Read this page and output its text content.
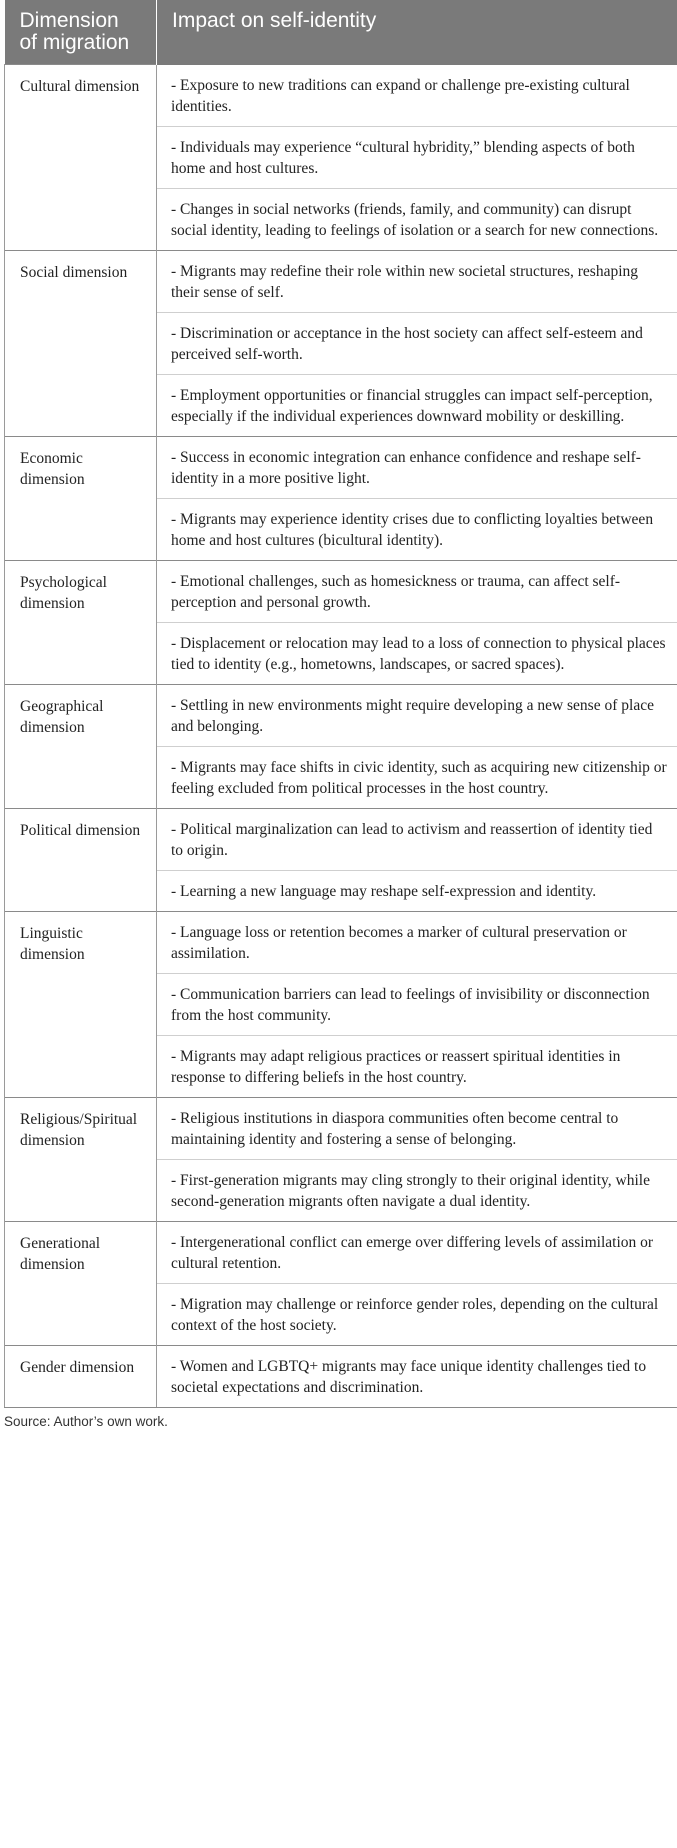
Dimension of migration	Impact on self-identity
Cultural dimension	- Exposure to new traditions can expand or challenge pre-existing cultural identities.
	- Individuals may experience “cultural hybridity,” blending aspects of both home and host cultures.
	- Changes in social networks (friends, family, and community) can disrupt social identity, leading to feelings of isolation or a search for new connections.
Social dimension	- Migrants may redefine their role within new societal structures, reshaping their sense of self.
	- Discrimination or acceptance in the host society can affect self-esteem and perceived self-worth.
	- Employment opportunities or financial struggles can impact self-perception, especially if the individual experiences downward mobility or deskilling.
Economic dimension	- Success in economic integration can enhance confidence and reshape self-identity in a more positive light.
	- Migrants may experience identity crises due to conflicting loyalties between home and host cultures (bicultural identity).
Psychological dimension	- Emotional challenges, such as homesickness or trauma, can affect self-perception and personal growth.
	- Displacement or relocation may lead to a loss of connection to physical places tied to identity (e.g., hometowns, landscapes, or sacred spaces).
Geographical dimension	- Settling in new environments might require developing a new sense of place and belonging.
	- Migrants may face shifts in civic identity, such as acquiring new citizenship or feeling excluded from political processes in the host country.
Political dimension	- Political marginalization can lead to activism and reassertion of identity tied to origin.
	- Learning a new language may reshape self-expression and identity.
Linguistic dimension	- Language loss or retention becomes a marker of cultural preservation or assimilation.
	- Communication barriers can lead to feelings of invisibility or disconnection from the host community.
	- Migrants may adapt religious practices or reassert spiritual identities in response to differing beliefs in the host country.
Religious/Spiritual dimension	- Religious institutions in diaspora communities often become central to maintaining identity and fostering a sense of belonging.
	- First-generation migrants may cling strongly to their original identity, while second-generation migrants often navigate a dual identity.
Generational dimension	- Intergenerational conflict can emerge over differing levels of assimilation or cultural retention.
	- Migration may challenge or reinforce gender roles, depending on the cultural context of the host society.
Gender dimension	- Women and LGBTQ+ migrants may face unique identity challenges tied to societal expectations and discrimination.
Source: Author’s own work.
